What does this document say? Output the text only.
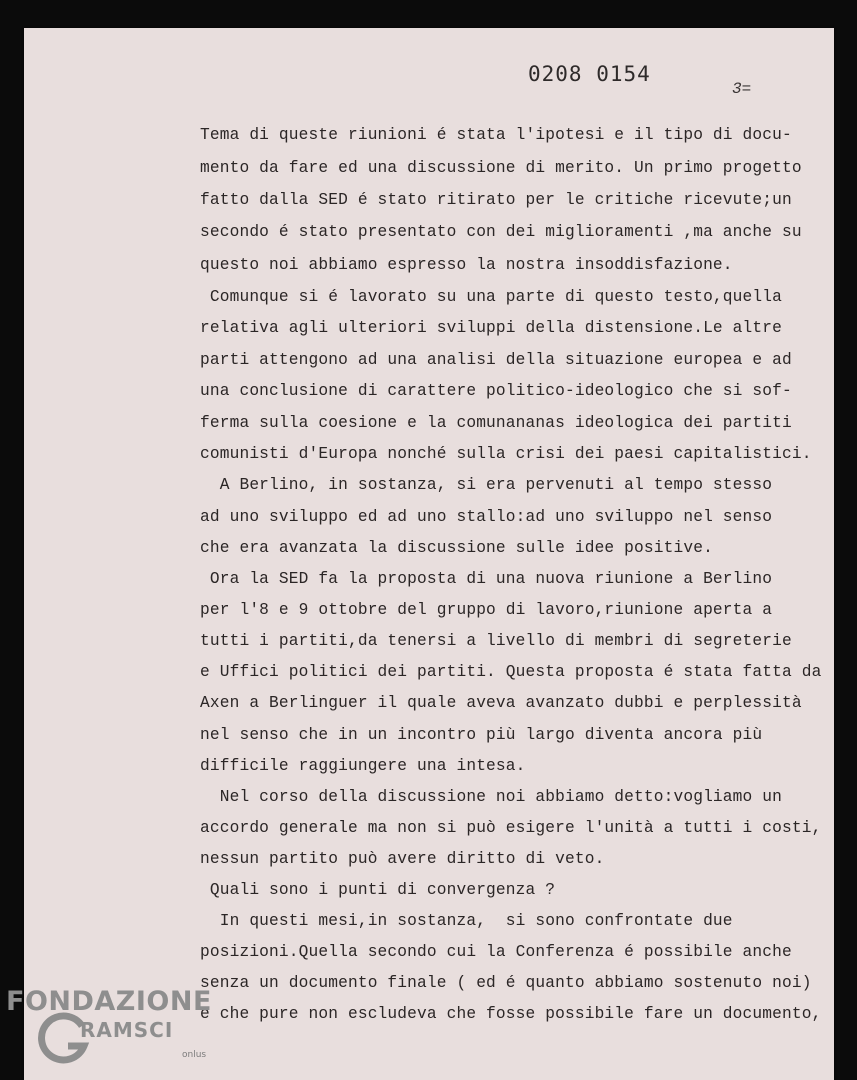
0208 0154
3=
Tema di queste riunioni é stata l'ipotesi e il tipo di docu-
mento da fare ed una discussione di merito. Un primo progetto
fatto dalla SED é stato ritirato per le critiche ricevute;un
secondo é stato presentato con dei miglioramenti ,ma anche su
questo noi abbiamo espresso la nostra insoddisfazione.
Comunque si é lavorato su una parte di questo testo,quella
relativa agli ulteriori sviluppi della distensione.Le altre
parti attengono ad una analisi della situazione europea e ad
una conclusione di carattere politico-ideologico che si sof-
ferma sulla coesione e la comunananas ideologica dei partiti
comunisti d'Europa nonché sulla crisi dei paesi capitalistici.
A Berlino, in sostanza, si era pervenuti al tempo stesso
ad uno sviluppo ed ad uno stallo:ad uno sviluppo nel senso
che era avanzata la discussione sulle idee positive.
Ora la SED fa la proposta di una nuova riunione a Berlino
per l'8 e 9 ottobre del gruppo di lavoro,riunione aperta a
tutti i partiti,da tenersi a livello di membri di segreterie
e Uffici politici dei partiti. Questa proposta é stata fatta da
Axen a Berlinguer il quale aveva avanzato dubbi e perplessità
nel senso che in un incontro più largo diventa ancora più
difficile raggiungere una intesa.
Nel corso della discussione noi abbiamo detto:vogliamo un
accordo generale ma non si può esigere l'unità a tutti i costi,
nessun partito può avere diritto di veto.
Quali sono i punti di convergenza ?
In questi mesi,in sostanza,  si sono confrontate due
posizioni.Quella secondo cui la Conferenza é possibile anche
senza un documento finale ( ed é quanto abbiamo sostenuto noi)
e che pure non escludeva che fosse possibile fare un documento,
FONDAZIONE
RAMSCI
onlus
